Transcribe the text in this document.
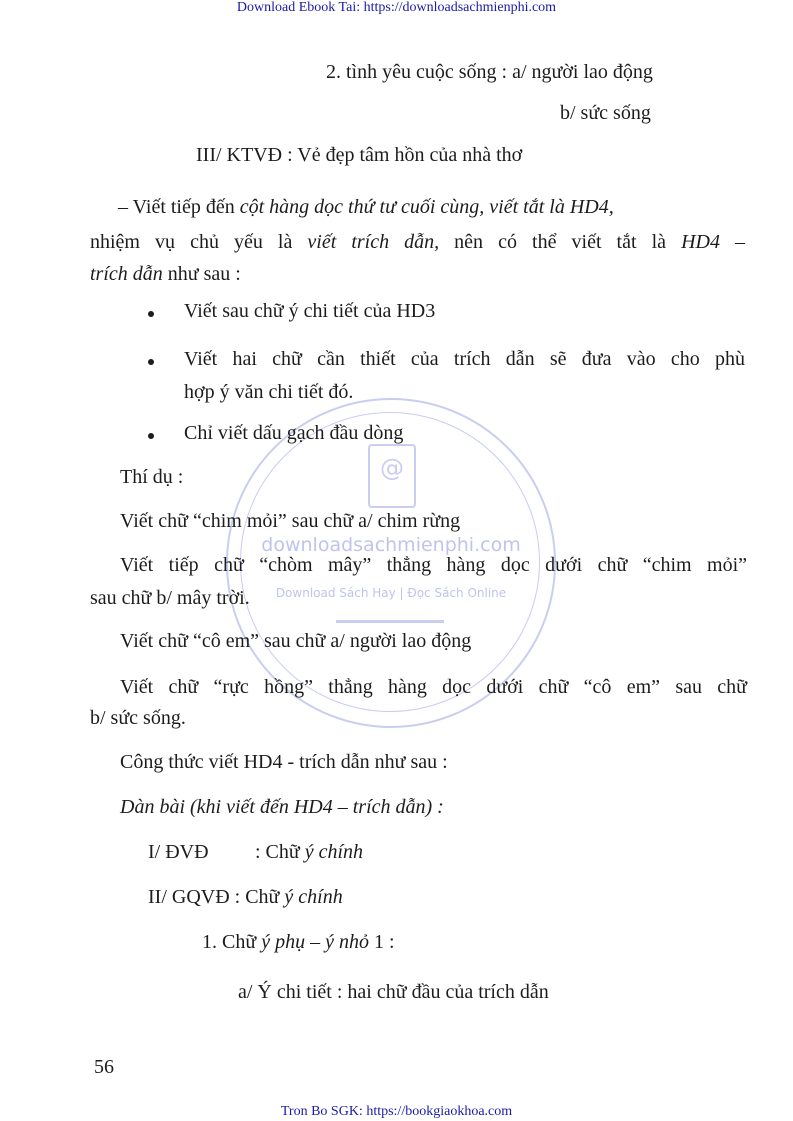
Download Ebook Tai: https://downloadsachmienphi.com
@
downloadsachmienphi.com
Download Sách Hay | Đọc Sách Online
2. tình yêu cuộc sống : a/ người lao động
b/ sức sống
III/ KTVĐ : Vẻ đẹp tâm hồn của nhà thơ
– Viết tiếp đến cột hàng dọc thứ tư cuối cùng, viết tắt là HD4,
nhiệm vụ chủ yếu là viết trích dẫn, nên có thể viết tắt là HD4 –
trích dẫn như sau :
Viết sau chữ ý chi tiết của HD3
Viết hai chữ cần thiết của trích dẫn sẽ đưa vào cho phù
hợp ý văn chi tiết đó.
Chỉ viết dấu gạch đầu dòng
Thí dụ :
Viết chữ “chim mỏi” sau chữ a/ chim rừng
Viết tiếp chữ “chòm mây” thẳng hàng dọc dưới chữ “chim mỏi”
sau chữ b/ mây trời.
Viết chữ “cô em” sau chữ a/ người lao động
Viết chữ “rực hồng” thẳng hàng dọc dưới chữ “cô em” sau chữ
b/ sức sống.
Công thức viết HD4 - trích dẫn như sau :
Dàn bài (khi viết đến HD4 – trích dẫn) :
I/ ĐVĐ : Chữ ý chính
II/ GQVĐ : Chữ ý chính
1. Chữ ý phụ – ý nhỏ 1 :
a/ Ý chi tiết : hai chữ đầu của trích dẫn
56
Tron Bo SGK: https://bookgiaokhoa.com
